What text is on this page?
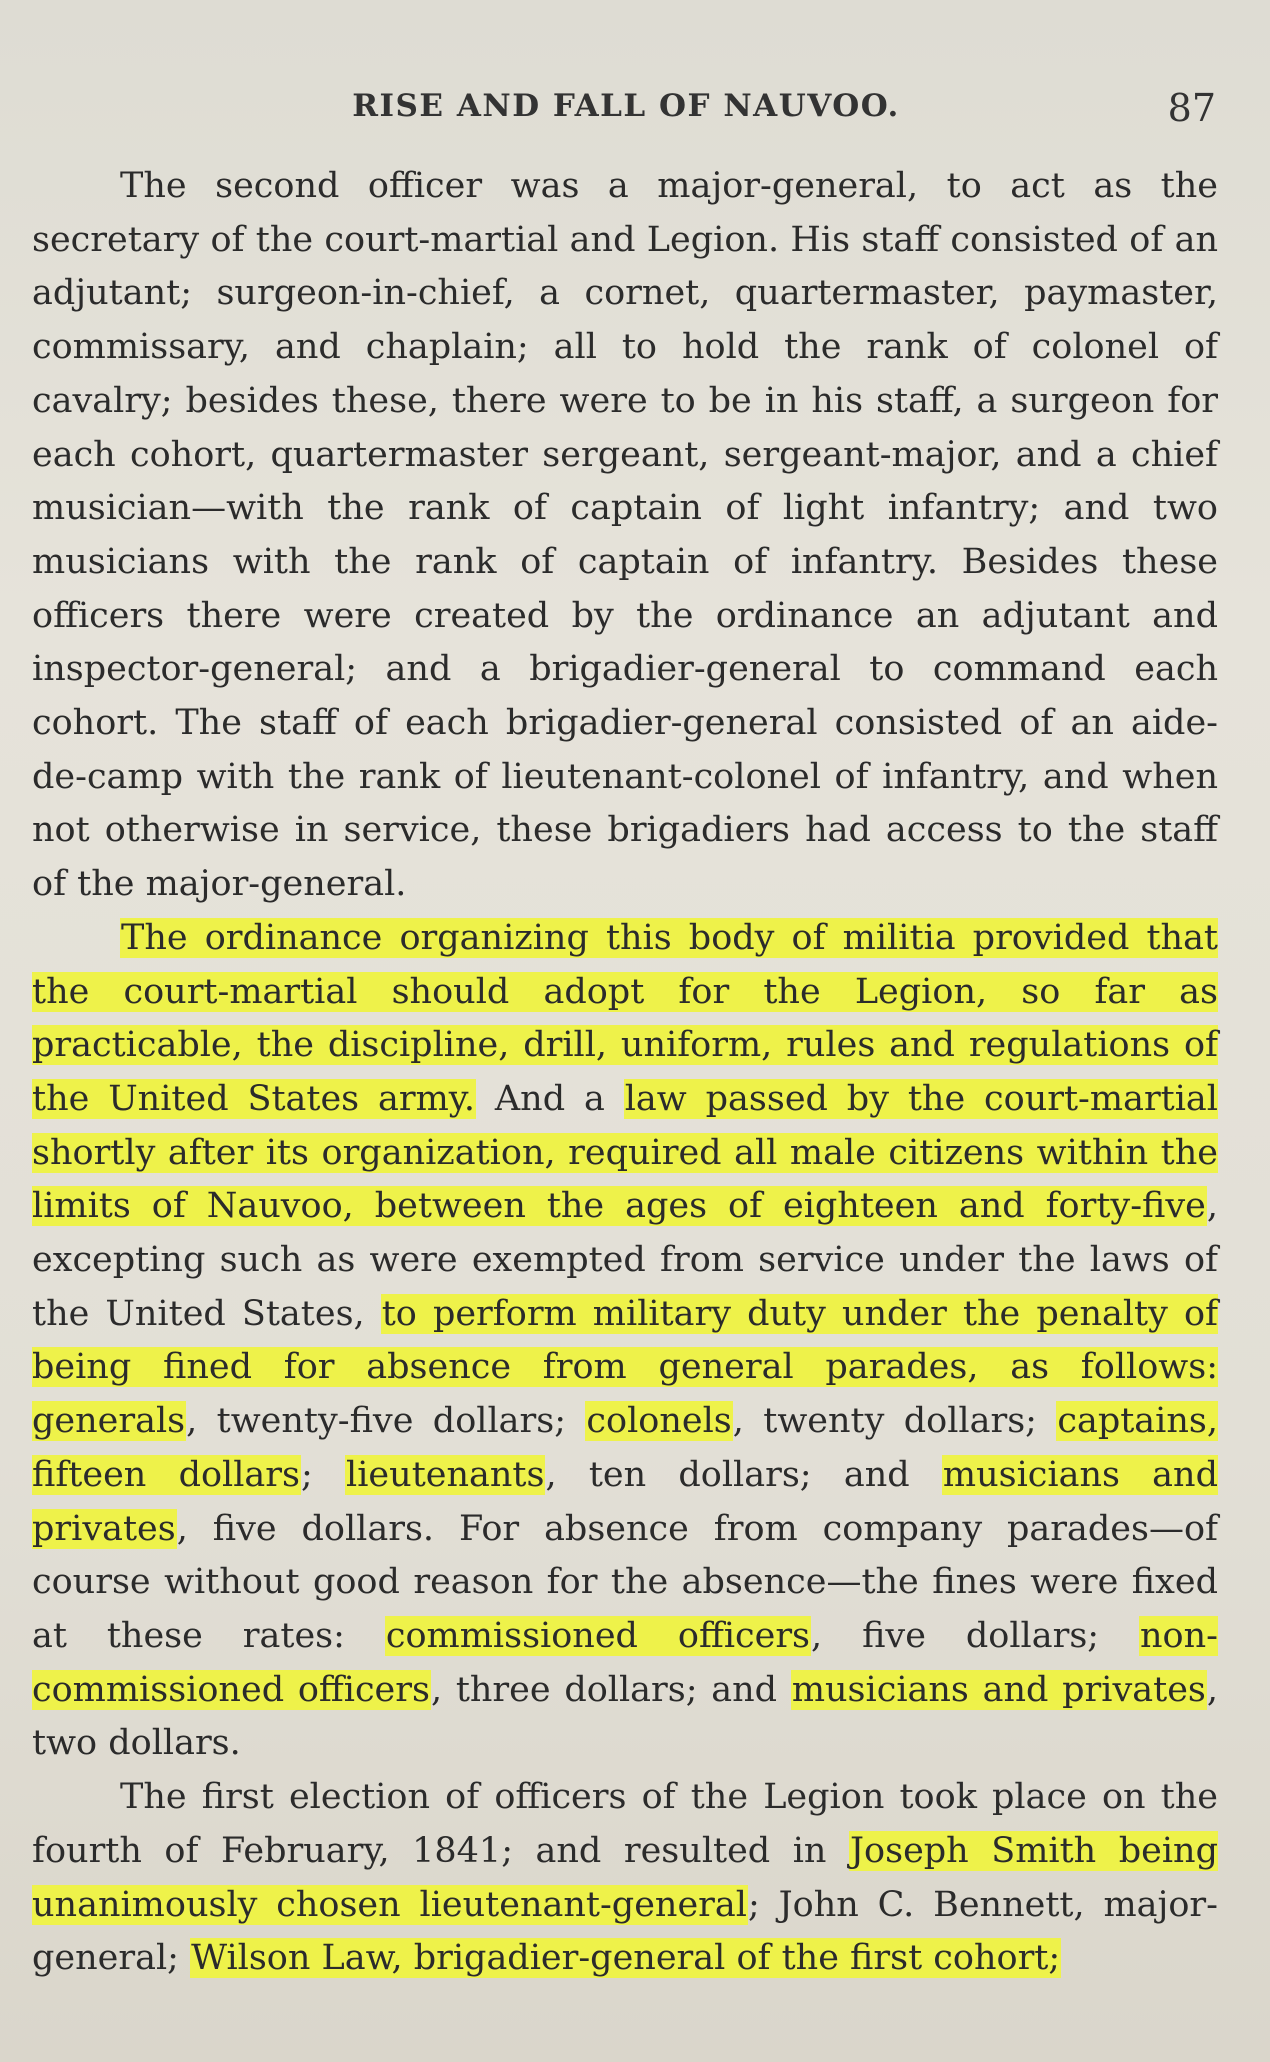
RISE AND FALL OF NAUVOO.	87

The second officer was a major-general, to act as the secretary of the court-martial and Legion. His staff consisted of an adjutant; surgeon-in-chief, a cornet, quartermaster, paymaster, commissary, and chaplain; all to hold the rank of colonel of cavalry; besides these, there were to be in his staff, a surgeon for each cohort, quartermaster sergeant, sergeant-major, and a chief musician—with the rank of captain of light infantry; and two musicians with the rank of captain of infantry. Besides these officers there were created by the ordinance an adjutant and inspector-general; and a brigadier-general to command each cohort. The staff of each brigadier-general consisted of an aide-de-camp with the rank of lieutenant-colonel of infantry, and when not otherwise in service, these brigadiers had access to the staff of the major-general.

The ordinance organizing this body of militia provided that the court-martial should adopt for the Legion, so far as practicable, the discipline, drill, uniform, rules and regulations of the United States army. And a law passed by the court-martial shortly after its organization, required all male citizens within the limits of Nauvoo, between the ages of eighteen and forty-five, excepting such as were exempted from service under the laws of the United States, to perform military duty under the penalty of being fined for absence from general parades, as follows: generals, twenty-five dollars; colonels, twenty dollars; captains, fifteen dollars; lieutenants, ten dollars; and musicians and privates, five dollars. For absence from company parades—of course without good reason for the absence—the fines were fixed at these rates: commissioned officers, five dollars; non-commissioned officers, three dollars; and musicians and privates, two dollars.

The first election of officers of the Legion took place on the fourth of February, 1841; and resulted in Joseph Smith being unanimously chosen lieutenant-general; John C. Bennett, major-general; Wilson Law, brigadier-general of the first cohort;
